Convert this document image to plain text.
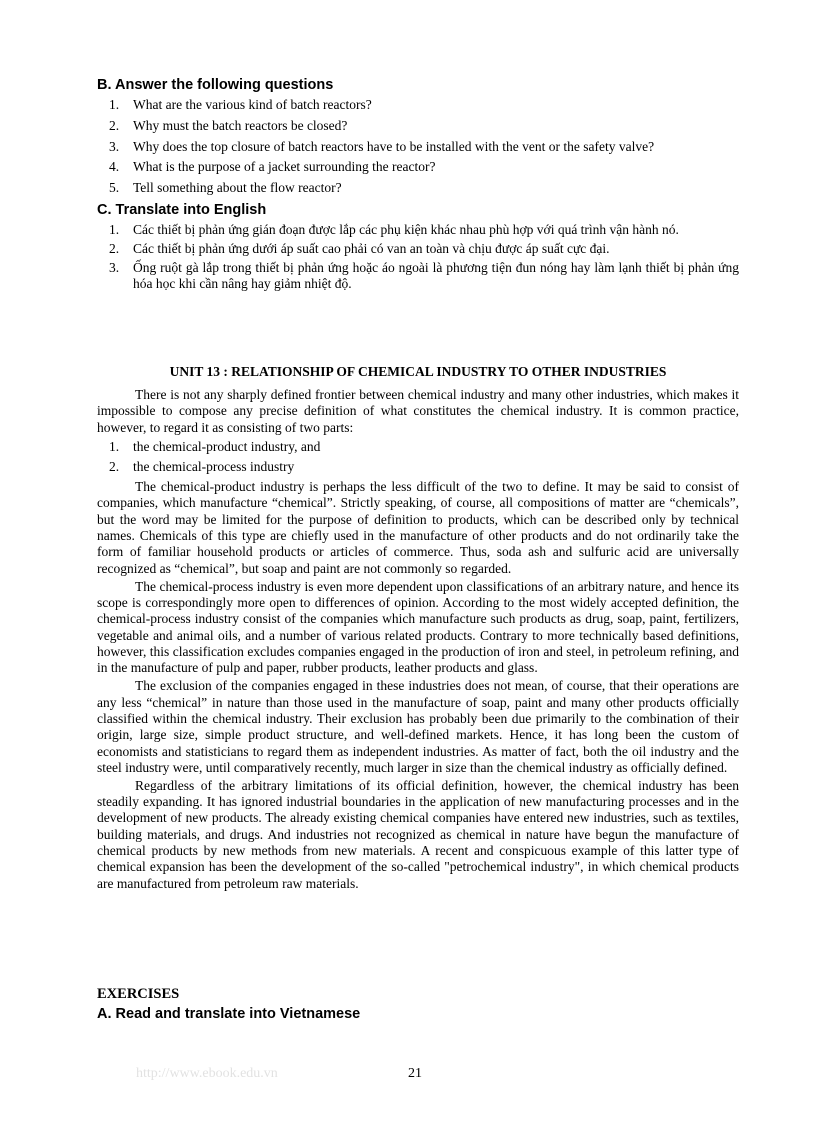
B. Answer the following questions
1. What are the various kind of batch reactors?
2. Why must the batch reactors be closed?
3. Why does the top closure of batch reactors have to be installed with the vent or the safety valve?
4. What is the purpose of a jacket surrounding the reactor?
5. Tell something about the flow reactor?
C. Translate into English
1. Các thiết bị phản ứng gián đoạn được lắp các phụ kiện khác nhau phù hợp với quá trình vận hành nó.
2. Các thiết bị phản ứng dưới áp suất cao phải có van an toàn và chịu được áp suất cực đại.
3. Ống ruột gà lắp trong thiết bị phản ứng hoặc áo ngoài là phương tiện đun nóng hay làm lạnh thiết bị phản ứng hóa học khi cần nâng hay giảm nhiệt độ.
UNIT 13 : RELATIONSHIP OF CHEMICAL INDUSTRY TO OTHER INDUSTRIES

There is not any sharply defined frontier between chemical industry and many other industries, which makes it impossible to compose any precise definition of what constitutes the chemical industry. It is common practice, however, to regard it as consisting of two parts:

1. the chemical-product industry, and
2. the chemical-process industry

The chemical-product industry is perhaps the less difficult of the two to define. It may be said to consist of companies, which manufacture “chemical”. Strictly speaking, of course, all compositions of matter are “chemicals”, but the word may be limited for the purpose of definition to products, which can be described only by technical names. Chemicals of this type are chiefly used in the manufacture of other products and do not ordinarily take the form of familiar household products or articles of commerce. Thus, soda ash and sulfuric acid are universally recognized as “chemical”, but soap and paint are not commonly so regarded.

The chemical-process industry is even more dependent upon classifications of an arbitrary nature, and hence its scope is correspondingly more open to differences of opinion. According to the most widely accepted definition, the chemical-process industry consist of the companies which manufacture such products as drug, soap, paint, fertilizers, vegetable and animal oils, and a number of various related products. Contrary to more technically based definitions, however, this classification excludes companies engaged in the production of iron and steel, in petroleum refining, and in the manufacture of pulp and paper, rubber products, leather products and glass.

The exclusion of the companies engaged in these industries does not mean, of course, that their operations are any less “chemical” in nature than those used in the manufacture of soap, paint and many other products officially classified within the chemical industry. Their exclusion has probably been due primarily to the combination of their origin, large size, simple product structure, and well-defined markets. Hence, it has long been the custom of economists and statisticians to regard them as independent industries. As matter of fact, both the oil industry and the steel industry were, until comparatively recently, much larger in size than the chemical industry as officially defined.

Regardless of the arbitrary limitations of its official definition, however, the chemical industry has been steadily expanding. It has ignored industrial boundaries in the application of new manufacturing processes and in the development of new products. The already existing chemical companies have entered new industries, such as textiles, building materials, and drugs. And industries not recognized as chemical in nature have begun the manufacture of chemical products by new methods from new materials. A recent and conspicuous example of this latter type of chemical expansion has been the development of the so-called "petrochemical industry", in which chemical products are manufactured from petroleum raw materials.

EXERCISES
A. Read and translate into Vietnamese
http://www.ebook.edu.vn	21
